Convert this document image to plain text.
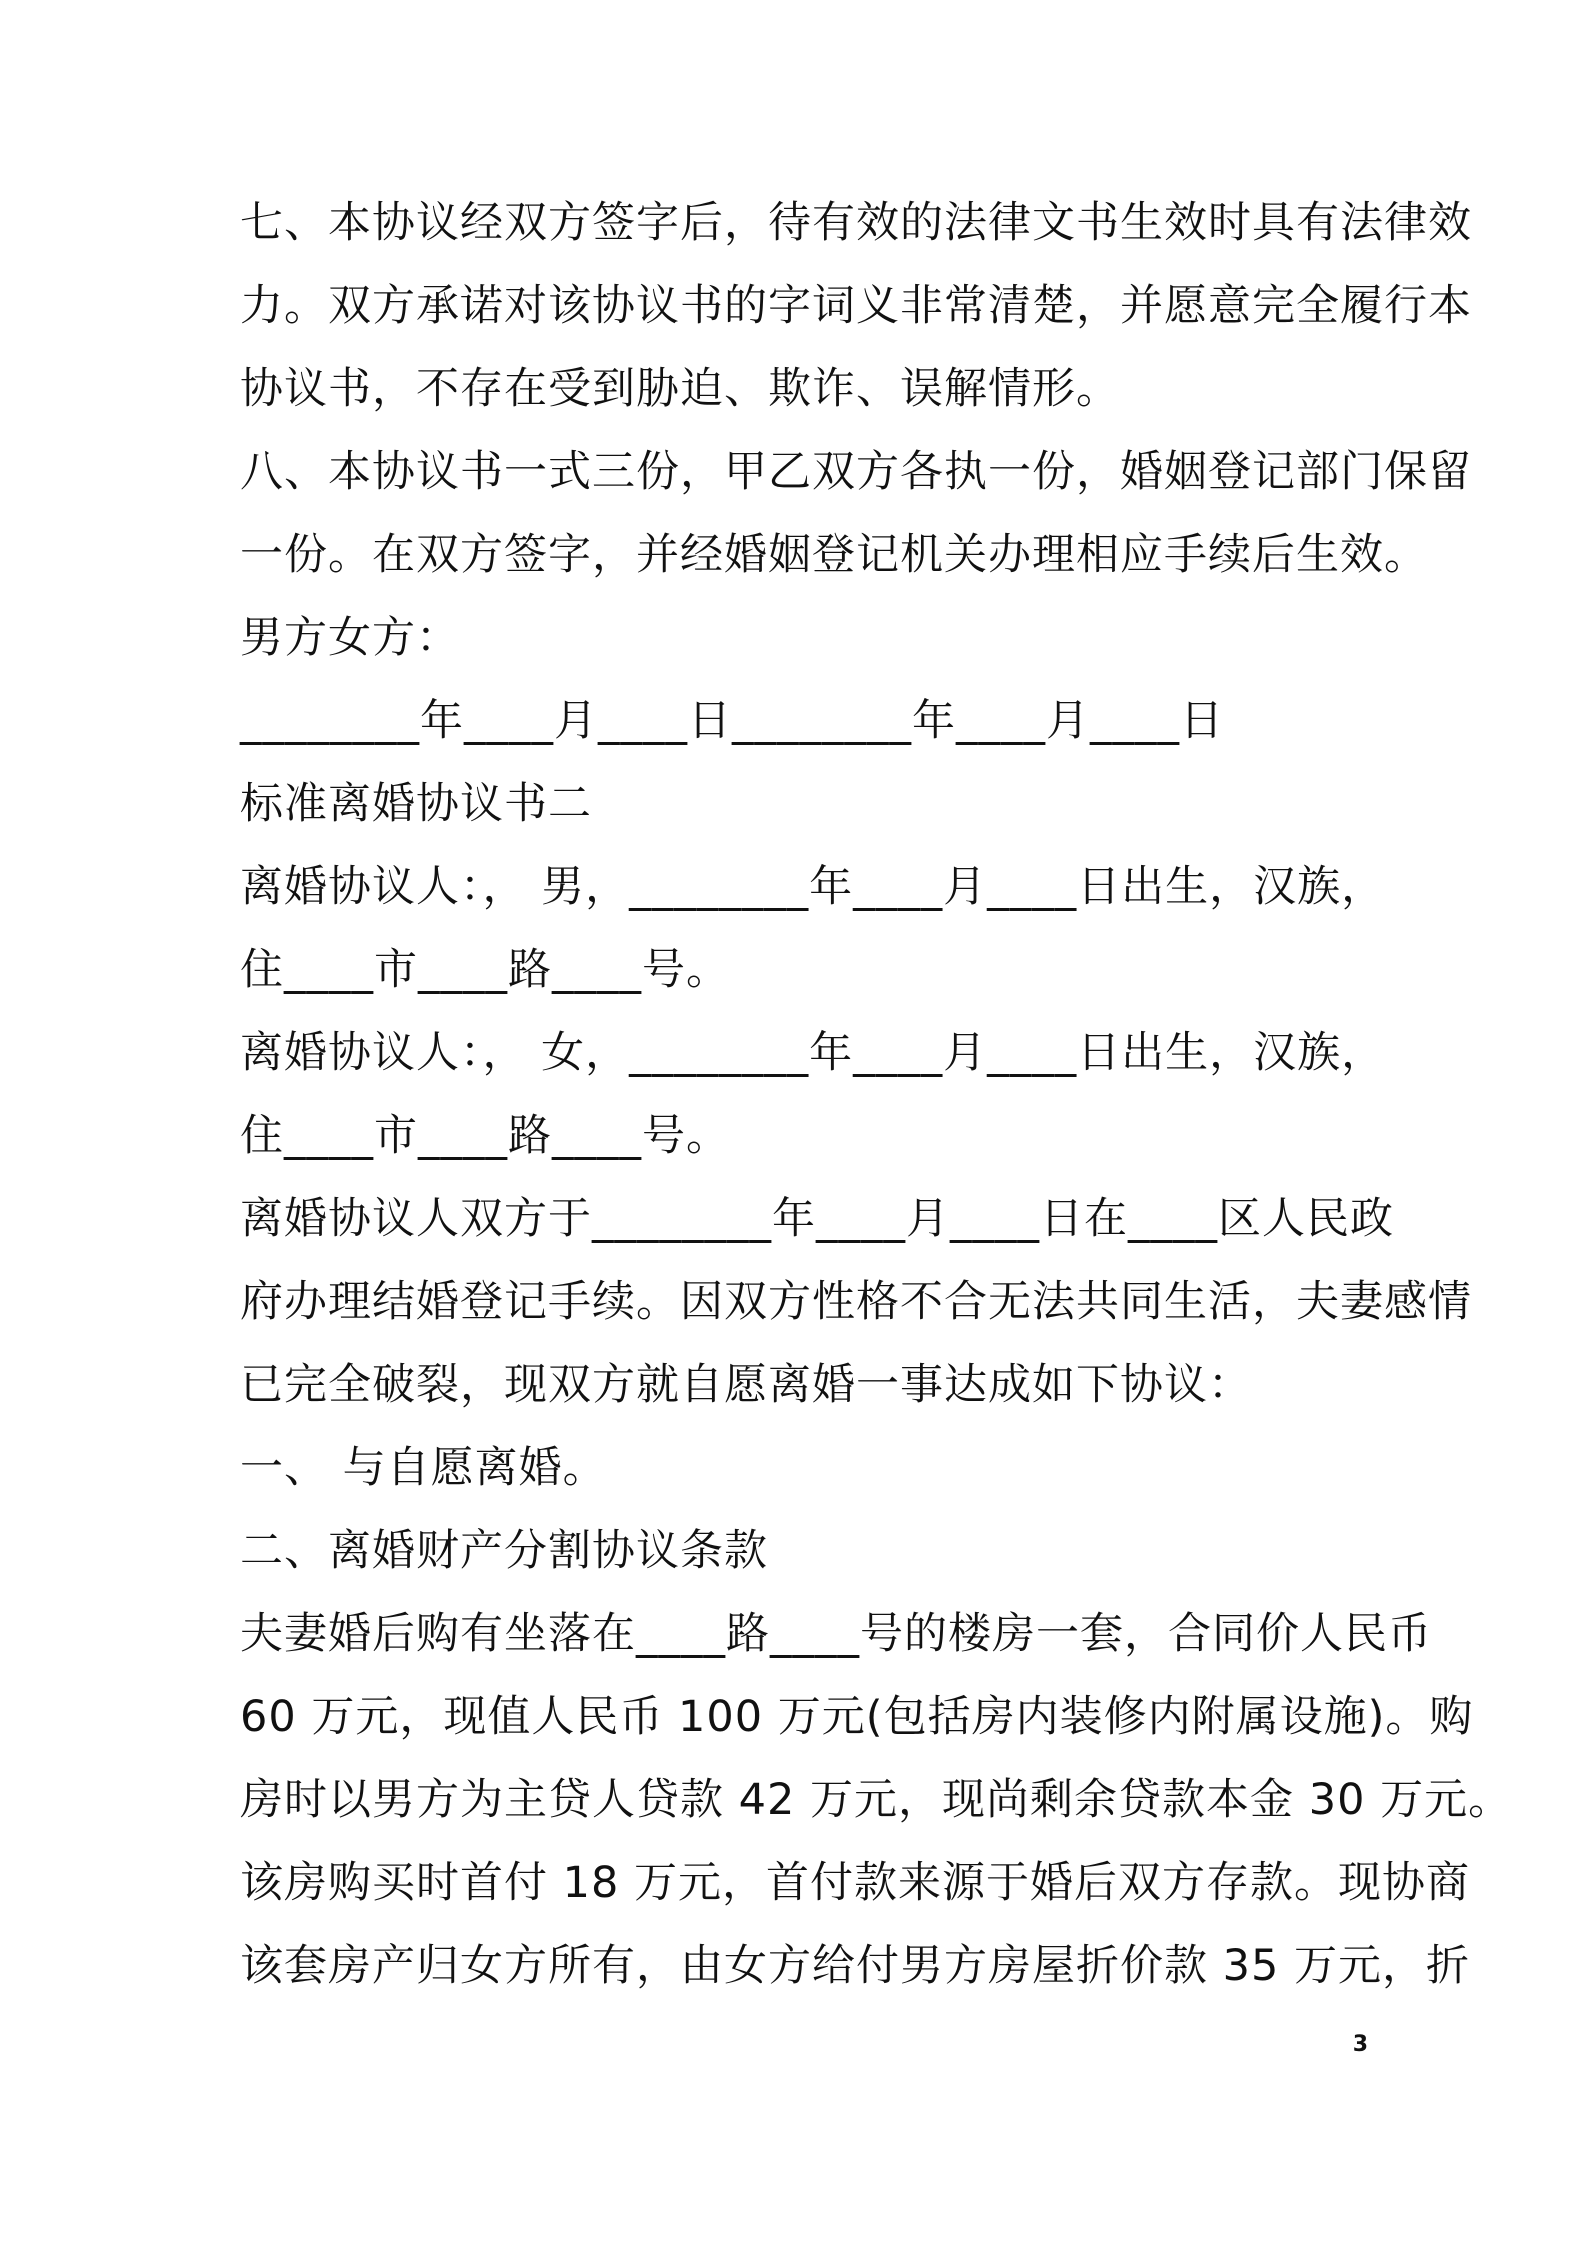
七、本协议经双方签字后，待有效的法律文书生效时具有法律效
力。双方承诺对该协议书的字词义非常清楚，并愿意完全履行本
协议书，不存在受到胁迫、欺诈、误解情形。
八、本协议书一式三份，甲乙双方各执一份，婚姻登记部门保留
一份。在双方签字，并经婚姻登记机关办理相应手续后生效。
男方女方：
________年____月____日________年____月____日
标准离婚协议书二
离婚协议人：， 男，________年____月____日出生，汉族，
住____市____路____号。
离婚协议人：， 女，________年____月____日出生，汉族，
住____市____路____号。
离婚协议人双方于________年____月____日在____区人民政
府办理结婚登记手续。因双方性格不合无法共同生活，夫妻感情
已完全破裂，现双方就自愿离婚一事达成如下协议：
一、 与自愿离婚。
二、离婚财产分割协议条款
夫妻婚后购有坐落在____路____号的楼房一套，合同价人民币
60 万元，现值人民币 100 万元(包括房内装修内附属设施)。购
房时以男方为主贷人贷款 42 万元，现尚剩余贷款本金 30 万元。
该房购买时首付 18 万元，首付款来源于婚后双方存款。现协商
该套房产归女方所有，由女方给付男方房屋折价款 35 万元，折
3
